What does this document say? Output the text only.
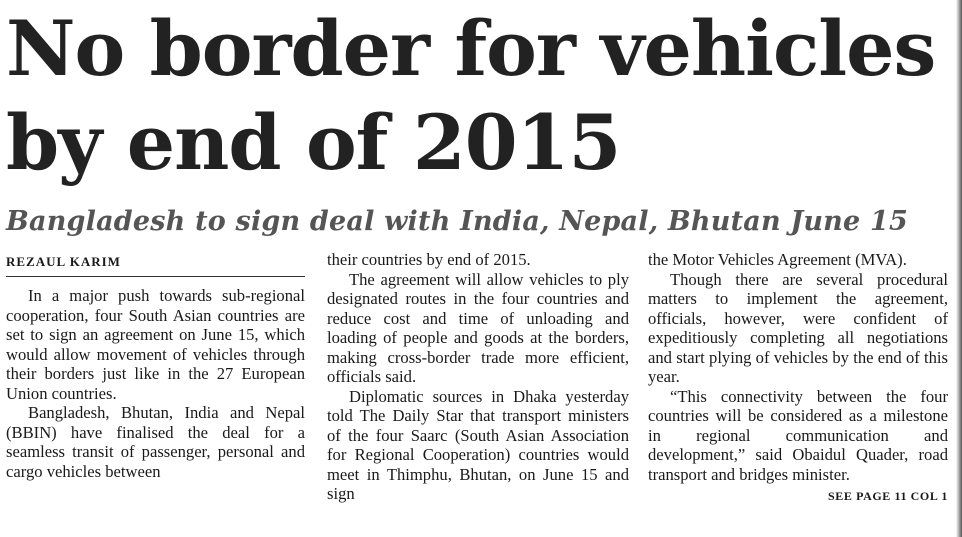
No border for vehicles
by end of 2015
Bangladesh to sign deal with India, Nepal, Bhutan June 15
REZAUL KARIM

In a major push towards sub-regional cooperation, four South Asian countries are set to sign an agreement on June 15, which would allow movement of vehicles through their borders just like in the 27 European Union countries.

Bangladesh, Bhutan, India and Nepal (BBIN) have finalised the deal for a seamless transit of passenger, personal and cargo vehicles between

their countries by end of 2015.

The agreement will allow vehicles to ply designated routes in the four countries and reduce cost and time of unloading and loading of people and goods at the borders, making cross-border trade more efficient, officials said.

Diplomatic sources in Dhaka yesterday told The Daily Star that transport ministers of the four Saarc (South Asian Association for Regional Cooperation) countries would meet in Thimphu, Bhutan, on June 15 and sign

the Motor Vehicles Agreement (MVA).

Though there are several procedural matters to implement the agreement, officials, however, were confident of expeditiously completing all negotiations and start plying of vehicles by the end of this year.

“This connectivity between the four countries will be considered as a milestone in regional communication and development,” said Obaidul Quader, road transport and bridges minister.

SEE PAGE 11 COL 1
